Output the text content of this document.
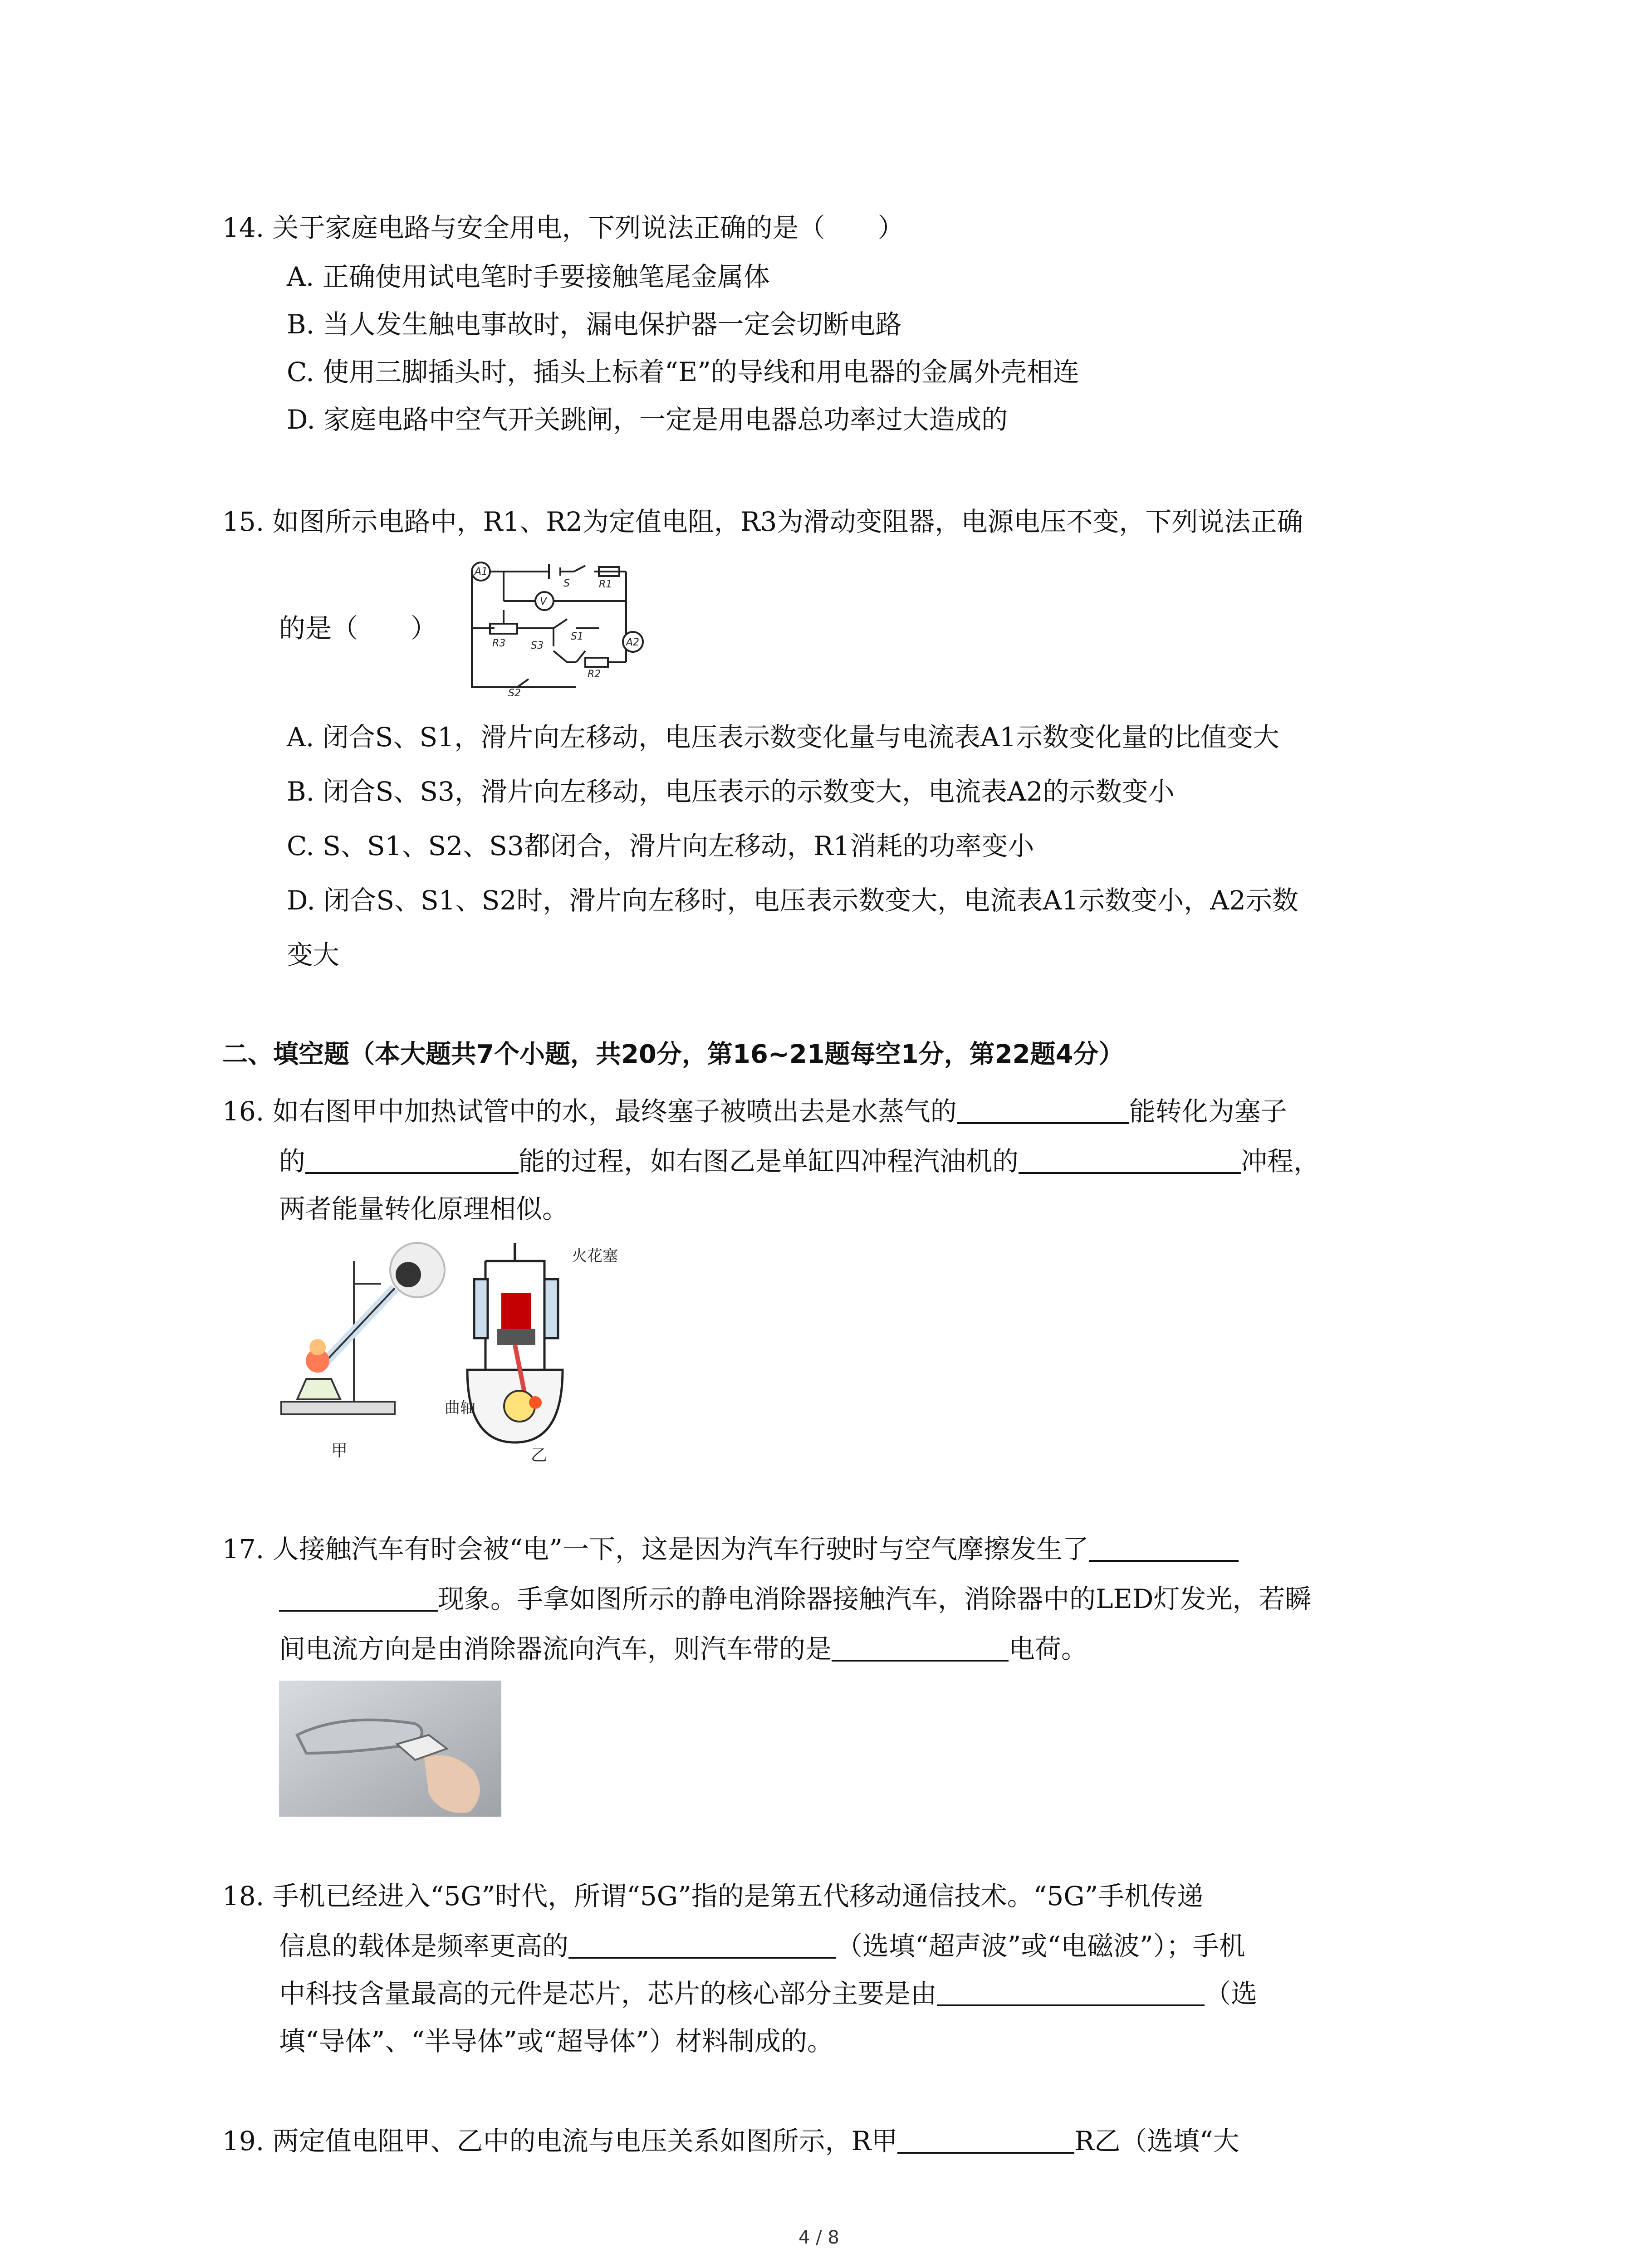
14. 关于家庭电路与安全用电，下列说法正确的是（　　）
A. 正确使用试电笔时手要接触笔尾金属体
B. 当人发生触电事故时，漏电保护器一定会切断电路
C. 使用三脚插头时，插头上标着“E”的导线和用电器的金属外壳相连
D. 家庭电路中空气开关跳闸，一定是用电器总功率过大造成的
15. 如图所示电路中，R1、R2为定值电阻，R3为滑动变阻器，电源电压不变，下列说法正确
A1
S	R1
V
R3	S3
S1
A2
R2
S2
的是（　　）
A. 闭合S、S1，滑片向左移动，电压表示数变化量与电流表A1示数变化量的比值变大
B. 闭合S、S3，滑片向左移动，电压表示的示数变大，电流表A2的示数变小
C. S、S1、S2、S3都闭合，滑片向左移动，R1消耗的功率变小
D. 闭合S、S1、S2时，滑片向左移时，电压表示数变大，电流表A1示数变小，A2示数
变大
二、填空题（本大题共7个小题，共20分，第16~21题每空1分，第22题4分）
16. 如右图甲中加热试管中的水，最终塞子被喷出去是水蒸气的	能转化为塞子
的	能的过程，如右图乙是单缸四冲程汽油机的	冲程，
两者能量转化原理相似。
甲
火花塞
曲轴
乙
17. 人接触汽车有时会被“电”一下，这是因为汽车行驶时与空气摩擦发生了
现象。手拿如图所示的静电消除器接触汽车，消除器中的LED灯发光，若瞬
间电流方向是由消除器流向汽车，则汽车带的是	电荷。
18. 手机已经进入“5G”时代，所谓“5G”指的是第五代移动通信技术。“5G”手机传递
信息的载体是频率更高的	（选填“超声波”或“电磁波”）；手机
中科技含量最高的元件是芯片，芯片的核心部分主要是由	（选
填“导体”、“半导体”或“超导体”）材料制成的。
19. 两定值电阻甲、乙中的电流与电压关系如图所示，R甲	R乙（选填“大
4 / 8
